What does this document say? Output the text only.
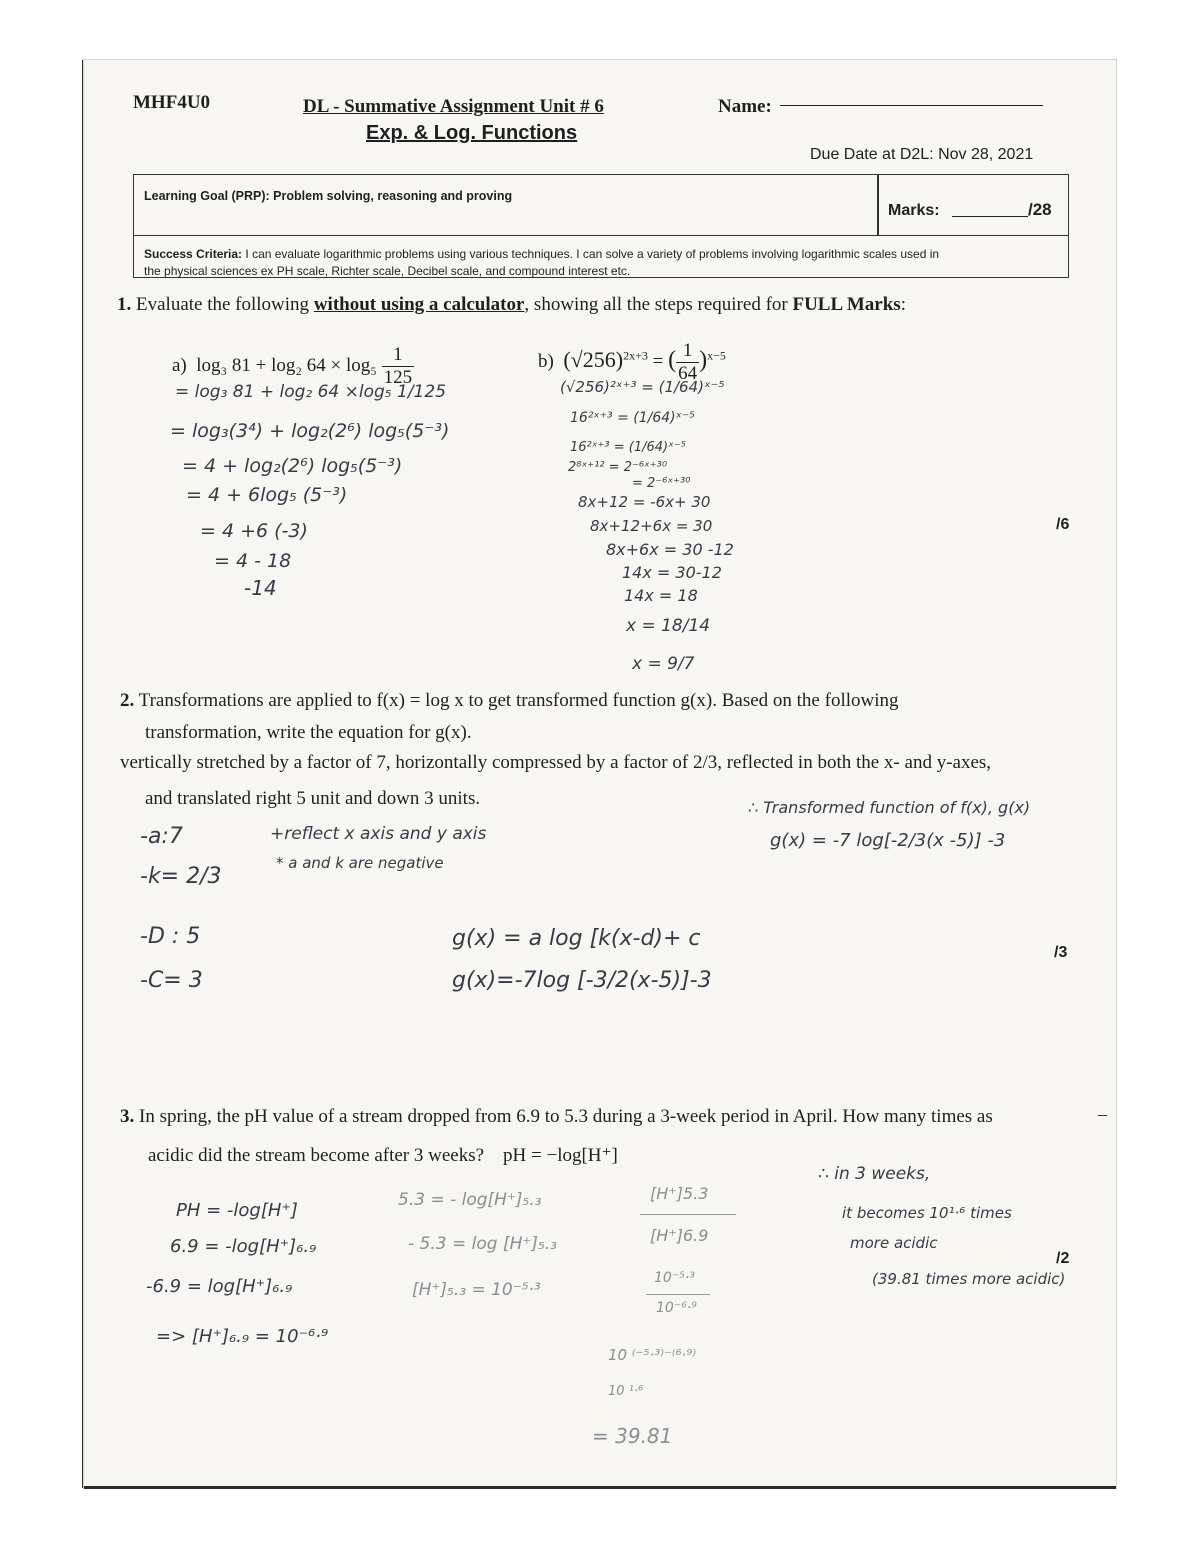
MHF4U0	DL - Summative Assignment Unit # 6
Exp. & Log. Functions
Name:
Due Date at D2L: Nov 28, 2021
Learning Goal (PRP): Problem solving, reasoning and proving
Marks:	/28
Success Criteria: I can evaluate logarithmic problems using various techniques. I can solve a variety of problems involving logarithmic scales used in
the physical sciences ex PH scale, Richter scale, Decibel scale, and compound interest etc.
1. Evaluate the following without using a calculator, showing all the steps required for FULL Marks:
a) log₃ 81 + log₂ $64 \times \log_5 \frac{1}{125}$
= log₃ 81 + log₂ 64 ×log₅ 1/125
= log₃(3⁴) + log₂(2⁶) log₅(5⁻³)
= 4 + log₂(2⁶) log₅(5⁻³)
= 4 + 6log₅ (5⁻³)
= 4 +6 (-3)
= 4 - 18
-14
b) $(√256)^{2x+3}$ = ( $\frac{1}{64} )^{x-5}$
(√256)²ˣ⁺³ = (1/64)ˣ⁻⁵
16²ˣ⁺³ = (1/64)ˣ⁻⁵
16²ˣ⁺³ = (1/64)ˣ⁻⁵
2⁸ˣ⁺¹² = 2⁻⁶ˣ⁺³⁰
= 2⁻⁶ˣ⁺³⁰
8x+12 = -6x+ 30
8x+12+6x = 30
8x+6x = 30 -12
14x = 30-12
14x = 18
x = 18/14
x = 9/7
/6
2. Transformations are applied to f(x) = log x to get transformed function g(x). Based on the following
transformation, write the equation for g(x).
vertically stretched by a factor of 7, horizontally compressed by a factor of 2/3, reflected in both the x- and y-axes,
and translated right 5 unit and down 3 units.
-a:7
-k= 2/3
-D : 5
-C= 3
+reflect x axis and y axis
* a and k are negative
g(x) = a log [k(x-d)+ c
g(x)=-7log [-3/2(x-5)]-3
∴ Transformed function of f(x), g(x)
g(x) = -7 log[-2/3(x -5)] -3
/3
3. In spring, the pH value of a stream dropped from 6.9 to 5.3 during a 3-week period in April. How many times as
acidic did the stream become after 3 weeks? pH = −log[H⁺]
–
PH = -log[H⁺]
6.9 = -log[H⁺]₆.₉
-6.9 = log[H⁺]₆.₉
=> [H⁺]₆.₉ = 10⁻⁶·⁹
5.3 = - log[H⁺]₅.₃
- 5.3 = log [H⁺]₅.₃
[H⁺]₅.₃ = 10⁻⁵·³
[H⁺]5.3
[H⁺]6.9
10⁻⁵·³
10⁻⁶·⁹
10 ⁽⁻⁵·³⁾⁻⁽⁶·⁹⁾
10 ¹·⁶
= 39.81
∴ in 3 weeks,
it becomes 10¹·⁶ times
more acidic
(39.81 times more acidic)
/2
